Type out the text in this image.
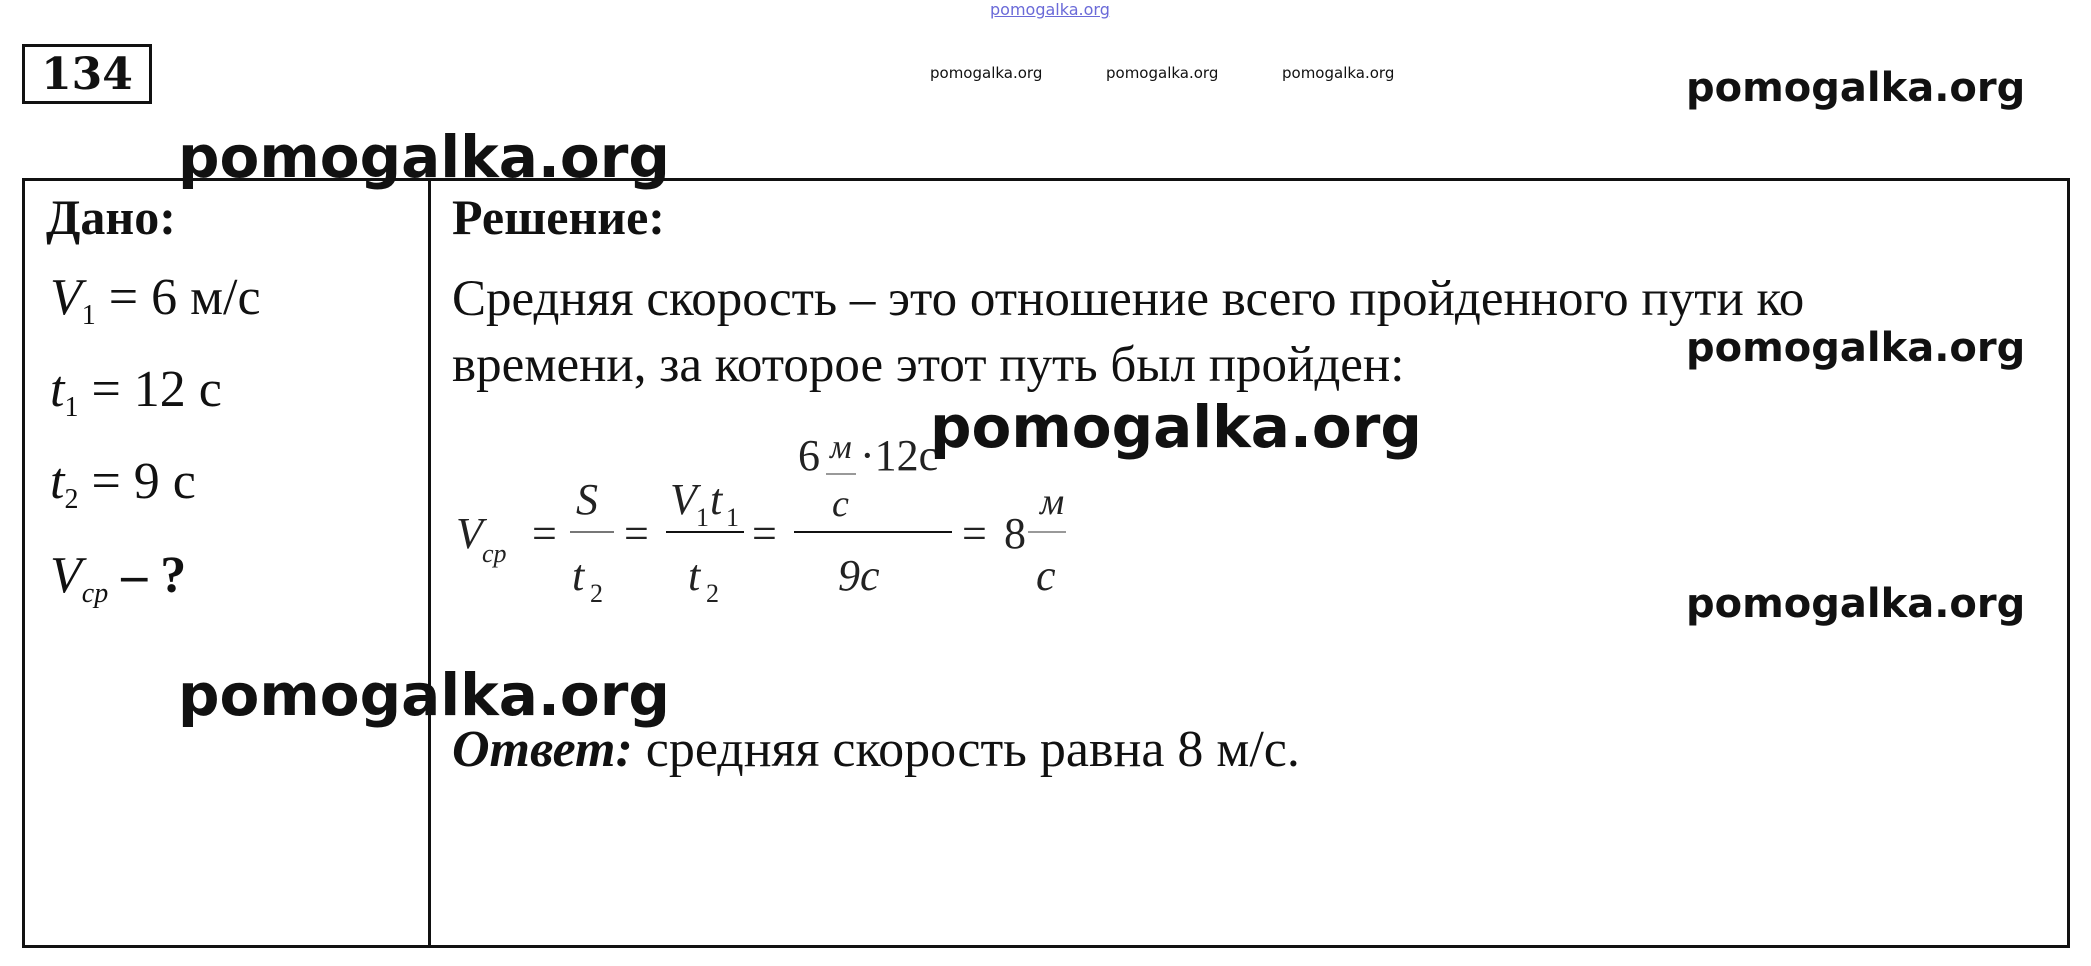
pomogalka.org
pomogalka.org	pomogalka.org	pomogalka.org	pomogalka.org
134
Дано:
$V_1 = 6$ м/с
$t_1 = 12$ с
$t_2 = 9$ с
$V_{ср}$ – ?
Решение:
Средняя скорость – это отношение всего пройденного пути ко
времени, за которое этот путь был пройден:
V ср =
S
t 2
=
V 1 t 1
t 2
=
6 м
с
·12с
9с
= 8
м
с
Ответ: средняя скорость равна 8 м/с.
pomogalka.org
pomogalka.org
pomogalka.org
pomogalka.org
pomogalka.org
